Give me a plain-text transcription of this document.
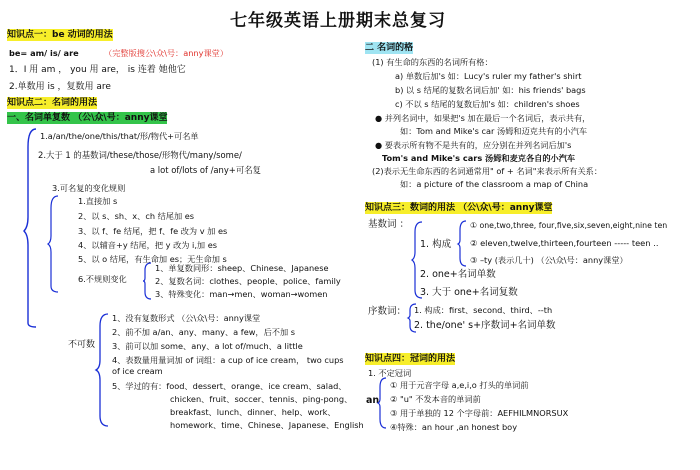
七年级英语上册期末总复习
知识点一：be 动词的用法
be= am/ is/ are	（完整版搜公\众\号：anny课堂）
1．I 用 am ， you 用 are， is 连着 她他它
2.单数用 is ，复数用 are
知识点二：名词的用法
一、名词单复数 （公\众\号：anny课堂
1.a/an/the/one/this/that/形/物代+可名单
2.大于 1 的基数词/these/those/形物代/many/some/
a lot of/lots of /any+可名复
3.可名复的变化规则
1.直接加 s
2、以 s、sh、x、ch 结尾加 es
3、以 f、fe 结尾，把 f、fe 改为 v 加 es
4、以辅音+y 结尾，把 y 改为 i,加 es
5、以 o 结尾，有生命加 es；无生命加 s
6.不规则变化
1、单复数同形：sheep、Chinese、Japanese
2、复数名词：clothes、people、police、family
3、特殊变化：man→men、woman→women
不可数
1、没有复数形式 （公\众\号：anny课堂
2、前不加 a/an、any、many、a few，后不加 s
3、前可以加 some、any、a lot of/much、a little
4、表数量用量词加 of 词组：a cup of ice cream， two cups
of ice cream
5、学过的有：food、dessert、orange、ice cream、salad、
chicken、fruit、soccer、tennis、ping-pong、
breakfast、lunch、dinner、help、work、
homework、time、Chinese、Japanese、English
二 名词的格
(1) 有生命的东西的名词所有格：
a) 单数后加's 如：Lucy's ruler my father's shirt
b) 以 s 结尾的复数名词后加' 如：his friends' bags
c) 不以 s 结尾的复数后加's 如：children's shoes
● 并列名词中，如果把's 加在最后一个名词后，表示共有，
如：Tom and Mike's car 汤姆和迈克共有的小汽车
● 要表示所有物不是共有的，应分别在并列名词后加's
Tom's and Mike's cars 汤姆和麦克各自的小汽车
(2)表示无生命东西的名词通常用" of + 名词"来表示所有关系：
如：a picture of the classroom a map of China
知识点三：数词的用法 （公\众\号：anny课堂
基数词 ：
1. 构成
① one,two,three, four,five,six,seven,eight,nine ten
② eleven,twelve,thirteen,fourteen ----- teen ..
③ –ty (表示几十) （公\众\号：anny课堂）
2. one+名词单数
3. 大于 one+名词复数
序数词： 1. 构成：first、second、third、--th
2. the/one' s+序数词+名词单数
知识点四：冠词的用法
1. 不定冠词
an
① 用于元音字母 a,e,i,o 打头的单词前
② "u" 不发本音的单词前
③ 用于单独的 12 个字母前：AEFHILMNORSUX
④特殊：an hour ,an honest boy
